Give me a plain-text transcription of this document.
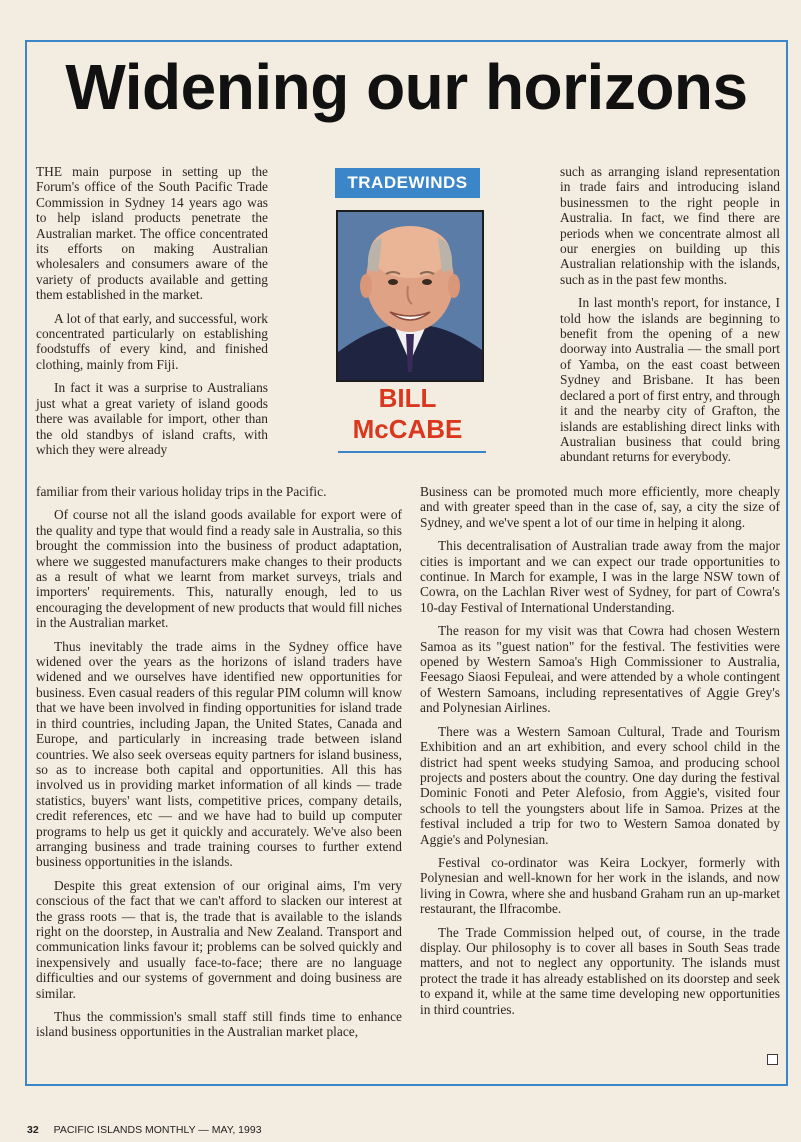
Widening our horizons

THE main purpose in setting up the Forum's office of the South Pacific Trade Commission in Sydney 14 years ago was to help island products penetrate the Australian market. The office concentrated its efforts on making Australian wholesalers and consumers aware of the variety of products available and getting them established in the market.

A lot of that early, and successful, work concentrated particularly on establishing foodstuffs of every kind, and finished clothing, mainly from Fiji.

In fact it was a surprise to Australians just what a great variety of island goods there was available for import, other than the old standbys of island crafts, with which they were already

TRADEWINDS
BILL
McCABE

such as arranging island representation in trade fairs and introducing island businessmen to the right people in Australia. In fact, we find there are periods when we concentrate almost all our energies on building up this Australian relationship with the islands, such as in the past few months.

In last month's report, for instance, I told how the islands are beginning to benefit from the opening of a new doorway into Australia — the small port of Yamba, on the east coast between Sydney and Brisbane. It has been declared a port of first entry, and through it and the nearby city of Grafton, the islands are establishing direct links with Australian business that could bring abundant returns for everybody.

familiar from their various holiday trips in the Pacific.

Of course not all the island goods available for export were of the quality and type that would find a ready sale in Australia, so this brought the commission into the business of product adaptation, where we suggested manufacturers make changes to their products as a result of what we learnt from market surveys, trials and importers' requirements. This, naturally enough, led to us encouraging the development of new products that would fill niches in the Australian market.

Thus inevitably the trade aims in the Sydney office have widened over the years as the horizons of island traders have widened and we ourselves have identified new opportunities for business. Even casual readers of this regular PIM column will know that we have been involved in finding opportunities for island trade in third countries, including Japan, the United States, Canada and Europe, and particularly in increasing trade between island countries. We also seek overseas equity partners for island business, so as to increase both capital and opportunities. All this has involved us in providing market information of all kinds — trade statistics, buyers' want lists, competitive prices, company details, credit references, etc — and we have had to build up computer programs to help us get it quickly and accurately. We've also been arranging business and trade training courses to further extend business opportunities in the islands.

Despite this great extension of our original aims, I'm very conscious of the fact that we can't afford to slacken our interest at the grass roots — that is, the trade that is available to the islands right on the doorstep, in Australia and New Zealand. Transport and communication links favour it; problems can be solved quickly and inexpensively and usually face-to-face; there are no language difficulties and our systems of government and doing business are similar.

Thus the commission's small staff still finds time to enhance island business opportunities in the Australian market place,

Business can be promoted much more efficiently, more cheaply and with greater speed than in the case of, say, a city the size of Sydney, and we've spent a lot of our time in helping it along.

This decentralisation of Australian trade away from the major cities is important and we can expect our trade opportunities to continue. In March for example, I was in the large NSW town of Cowra, on the Lachlan River west of Sydney, for part of Cowra's 10-day Festival of International Understanding.

The reason for my visit was that Cowra had chosen Western Samoa as its "guest nation" for the festival. The festivities were opened by Western Samoa's High Commissioner to Australia, Feesago Siaosi Fepuleai, and were attended by a whole contingent of Western Samoans, including representatives of Aggie Grey's and Polynesian Airlines.

There was a Western Samoan Cultural, Trade and Tourism Exhibition and an art exhibition, and every school child in the district had spent weeks studying Samoa, and producing school projects and posters about the country. One day during the festival Dominic Fonoti and Peter Alefosio, from Aggie's, visited four schools to tell the youngsters about life in Samoa. Prizes at the festival included a trip for two to Western Samoa donated by Aggie's and Polynesian.

Festival co-ordinator was Keira Lockyer, formerly with Polynesian and well-known for her work in the islands, and now living in Cowra, where she and husband Graham run an up-market restaurant, the Ilfracombe.

The Trade Commission helped out, of course, in the trade display. Our philosophy is to cover all bases in South Seas trade matters, and not to neglect any opportunity. The islands must protect the trade it has already established on its doorstep and seek to expand it, while at the same time developing new opportunities in third countries.

32 PACIFIC ISLANDS MONTHLY — MAY, 1993
